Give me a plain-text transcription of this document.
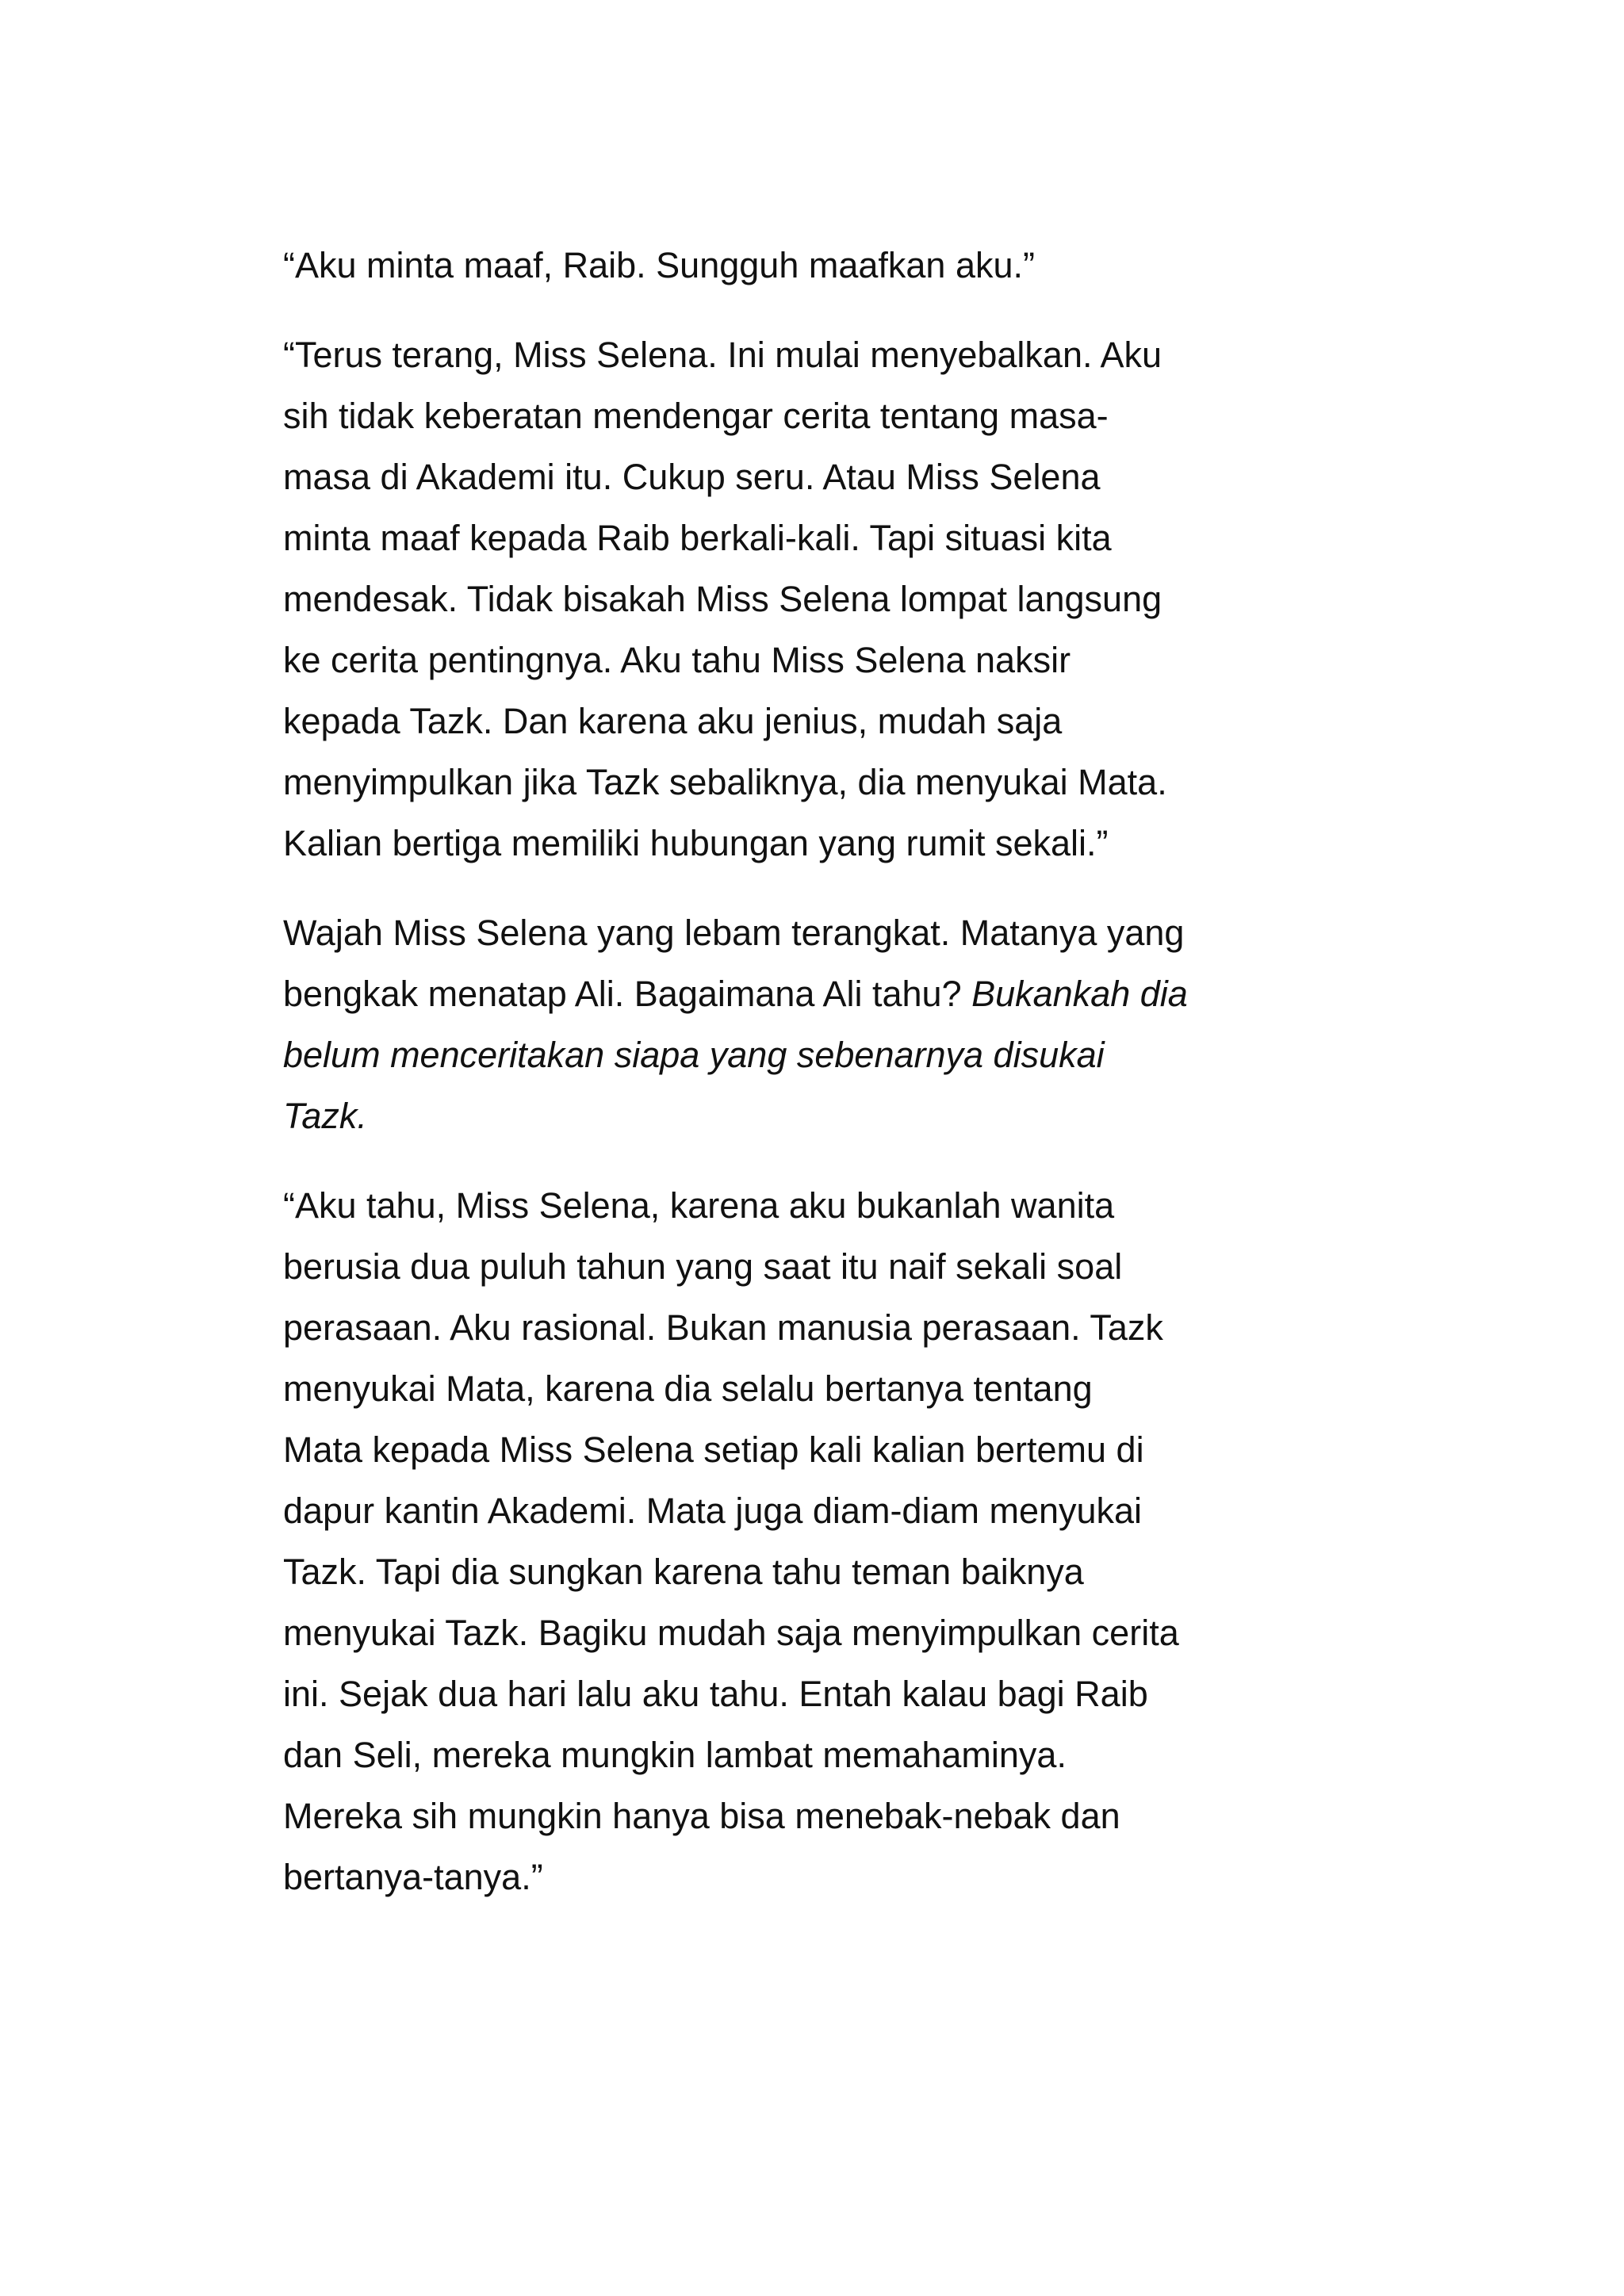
“Aku minta maaf, Raib. Sungguh maafkan aku.”

“Terus terang, Miss Selena. Ini mulai menyebalkan. Aku
sih tidak keberatan mendengar cerita tentang masa-
masa di Akademi itu. Cukup seru. Atau Miss Selena
minta maaf kepada Raib berkali-kali. Tapi situasi kita
mendesak. Tidak bisakah Miss Selena lompat langsung
ke cerita pentingnya. Aku tahu Miss Selena naksir
kepada Tazk. Dan karena aku jenius, mudah saja
menyimpulkan jika Tazk sebaliknya, dia menyukai Mata.
Kalian bertiga memiliki hubungan yang rumit sekali.”

Wajah Miss Selena yang lebam terangkat. Matanya yang
bengkak menatap Ali. Bagaimana Ali tahu? Bukankah dia
belum menceritakan siapa yang sebenarnya disukai
Tazk.

“Aku tahu, Miss Selena, karena aku bukanlah wanita
berusia dua puluh tahun yang saat itu naif sekali soal
perasaan. Aku rasional. Bukan manusia perasaan. Tazk
menyukai Mata, karena dia selalu bertanya tentang
Mata kepada Miss Selena setiap kali kalian bertemu di
dapur kantin Akademi. Mata juga diam-diam menyukai
Tazk. Tapi dia sungkan karena tahu teman baiknya
menyukai Tazk. Bagiku mudah saja menyimpulkan cerita
ini. Sejak dua hari lalu aku tahu. Entah kalau bagi Raib
dan Seli, mereka mungkin lambat memahaminya.
Mereka sih mungkin hanya bisa menebak-nebak dan
bertanya-tanya.”
